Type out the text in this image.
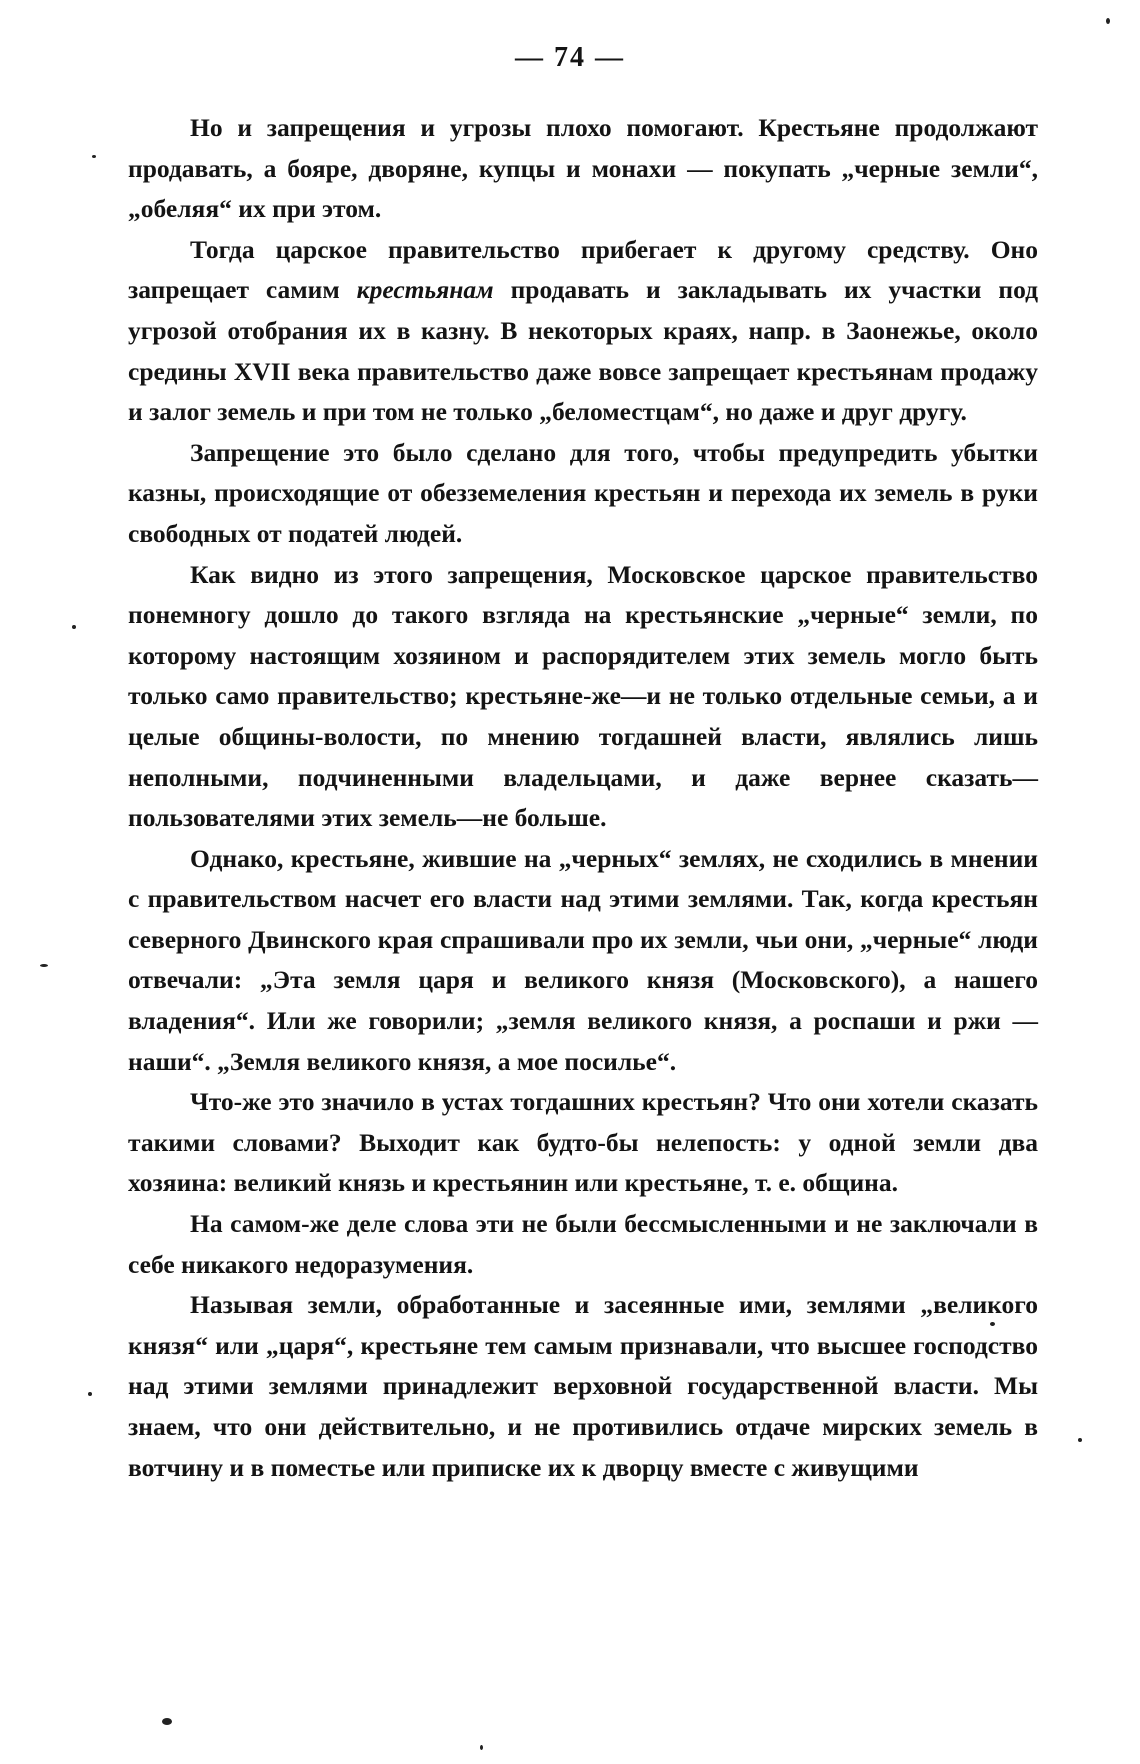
— 74 —

Но и запрещения и угрозы плохо помогают. Крестьяне продолжают продавать, а бояре, дворяне, купцы и монахи — покупать „черные земли“, „обеляя“ их при этом.

Тогда царское правительство прибегает к другому средству. Оно запрещает самим крестьянам продавать и закладывать их участки под угрозой отобрания их в казну. В некоторых краях, напр. в Заонежье, около средины XVII века правительство даже вовсе запрещает крестьянам продажу и залог земель и при том не только „беломестцам“, но даже и друг другу.

Запрещение это было сделано для того, чтобы предупредить убытки казны, происходящие от обезземеления крестьян и перехода их земель в руки свободных от податей людей.

Как видно из этого запрещения, Московское царское правительство понемногу дошло до такого взгляда на крестьянские „черные“ земли, по которому настоящим хозяином и распорядителем этих земель могло быть только само правительство; крестьяне-же—и не только отдельные семьи, а и целые общины-волости, по мнению тогдашней власти, являлись лишь неполными, подчиненными владельцами, и даже вернее сказать—пользователями этих земель—не больше.

Однако, крестьяне, жившие на „черных“ землях, не сходились в мнении с правительством насчет его власти над этими землями. Так, когда крестьян северного Двинского края спрашивали про их земли, чьи они, „черные“ люди отвечали: „Эта земля царя и великого князя (Московского), а нашего владения“. Или же говорили; „земля великого князя, а роспаши и ржи — наши“. „Земля великого князя, а мое посилье“.

Что-же это значило в устах тогдашних крестьян? Что они хотели сказать такими словами? Выходит как будто-бы нелепость: у одной земли два хозяина: великий князь и крестьянин или крестьяне, т. е. община.

На самом-же деле слова эти не были бессмысленными и не заключали в себе никакого недоразумения.

Называя земли, обработанные и засеянные ими, землями „великого князя“ или „царя“, крестьяне тем самым признавали, что высшее господство над этими землями принадлежит верховной государственной власти. Мы знаем, что они действительно, и не противились отдаче мирских земель в вотчину и в поместье или приписке их к дворцу вместе с живущими
